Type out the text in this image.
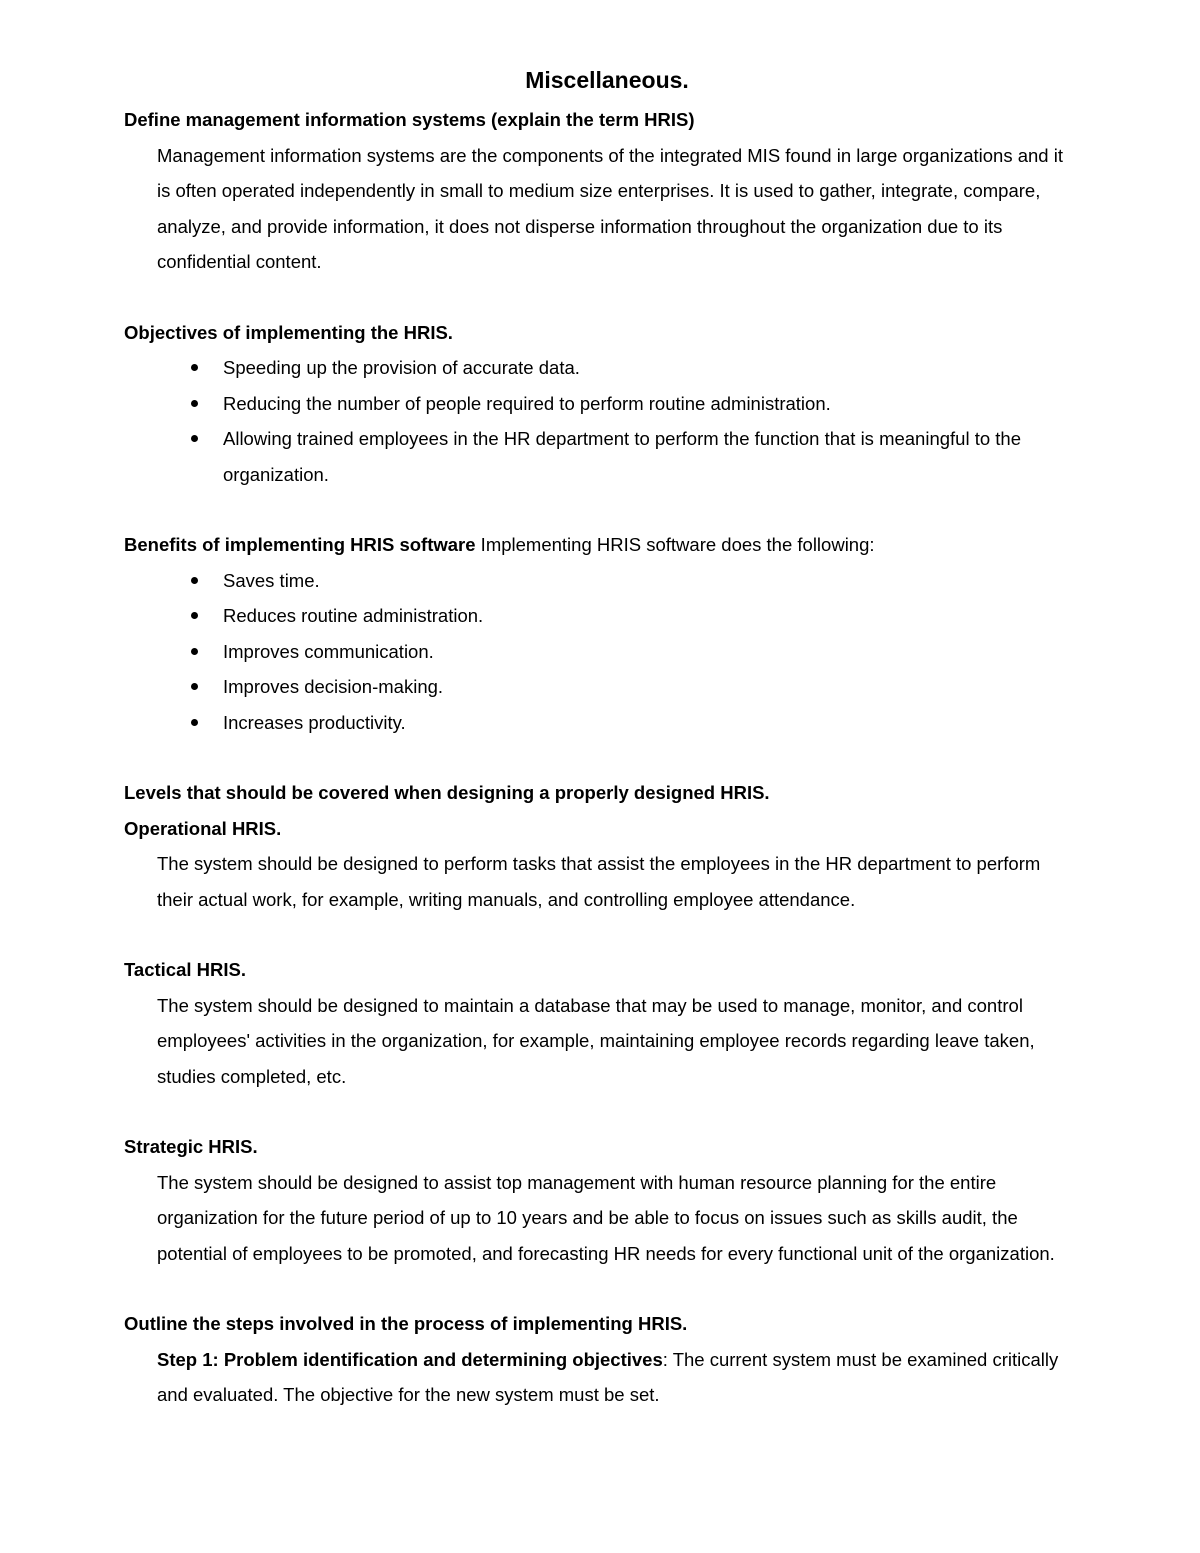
Miscellaneous.
Define management information systems (explain the term HRIS)
Management information systems are the components of the integrated MIS found in large organizations and it is often operated independently in small to medium size enterprises. It is used to gather, integrate, compare, analyze, and provide information, it does not disperse information throughout the organization due to its confidential content.
Objectives of implementing the HRIS.
Speeding up the provision of accurate data.
Reducing the number of people required to perform routine administration.
Allowing trained employees in the HR department to perform the function that is meaningful to the organization.
Benefits of implementing HRIS software Implementing HRIS software does the following:
Saves time.
Reduces routine administration.
Improves communication.
Improves decision-making.
Increases productivity.
Levels that should be covered when designing a properly designed HRIS.
Operational HRIS.
The system should be designed to perform tasks that assist the employees in the HR department to perform their actual work, for example, writing manuals, and controlling employee attendance.
Tactical HRIS.
The system should be designed to maintain a database that may be used to manage, monitor, and control employees' activities in the organization, for example, maintaining employee records regarding leave taken, studies completed, etc.
Strategic HRIS.
The system should be designed to assist top management with human resource planning for the entire organization for the future period of up to 10 years and be able to focus on issues such as skills audit, the potential of employees to be promoted, and forecasting HR needs for every functional unit of the organization.
Outline the steps involved in the process of implementing HRIS.
Step 1: Problem identification and determining objectives: The current system must be examined critically and evaluated. The objective for the new system must be set.
